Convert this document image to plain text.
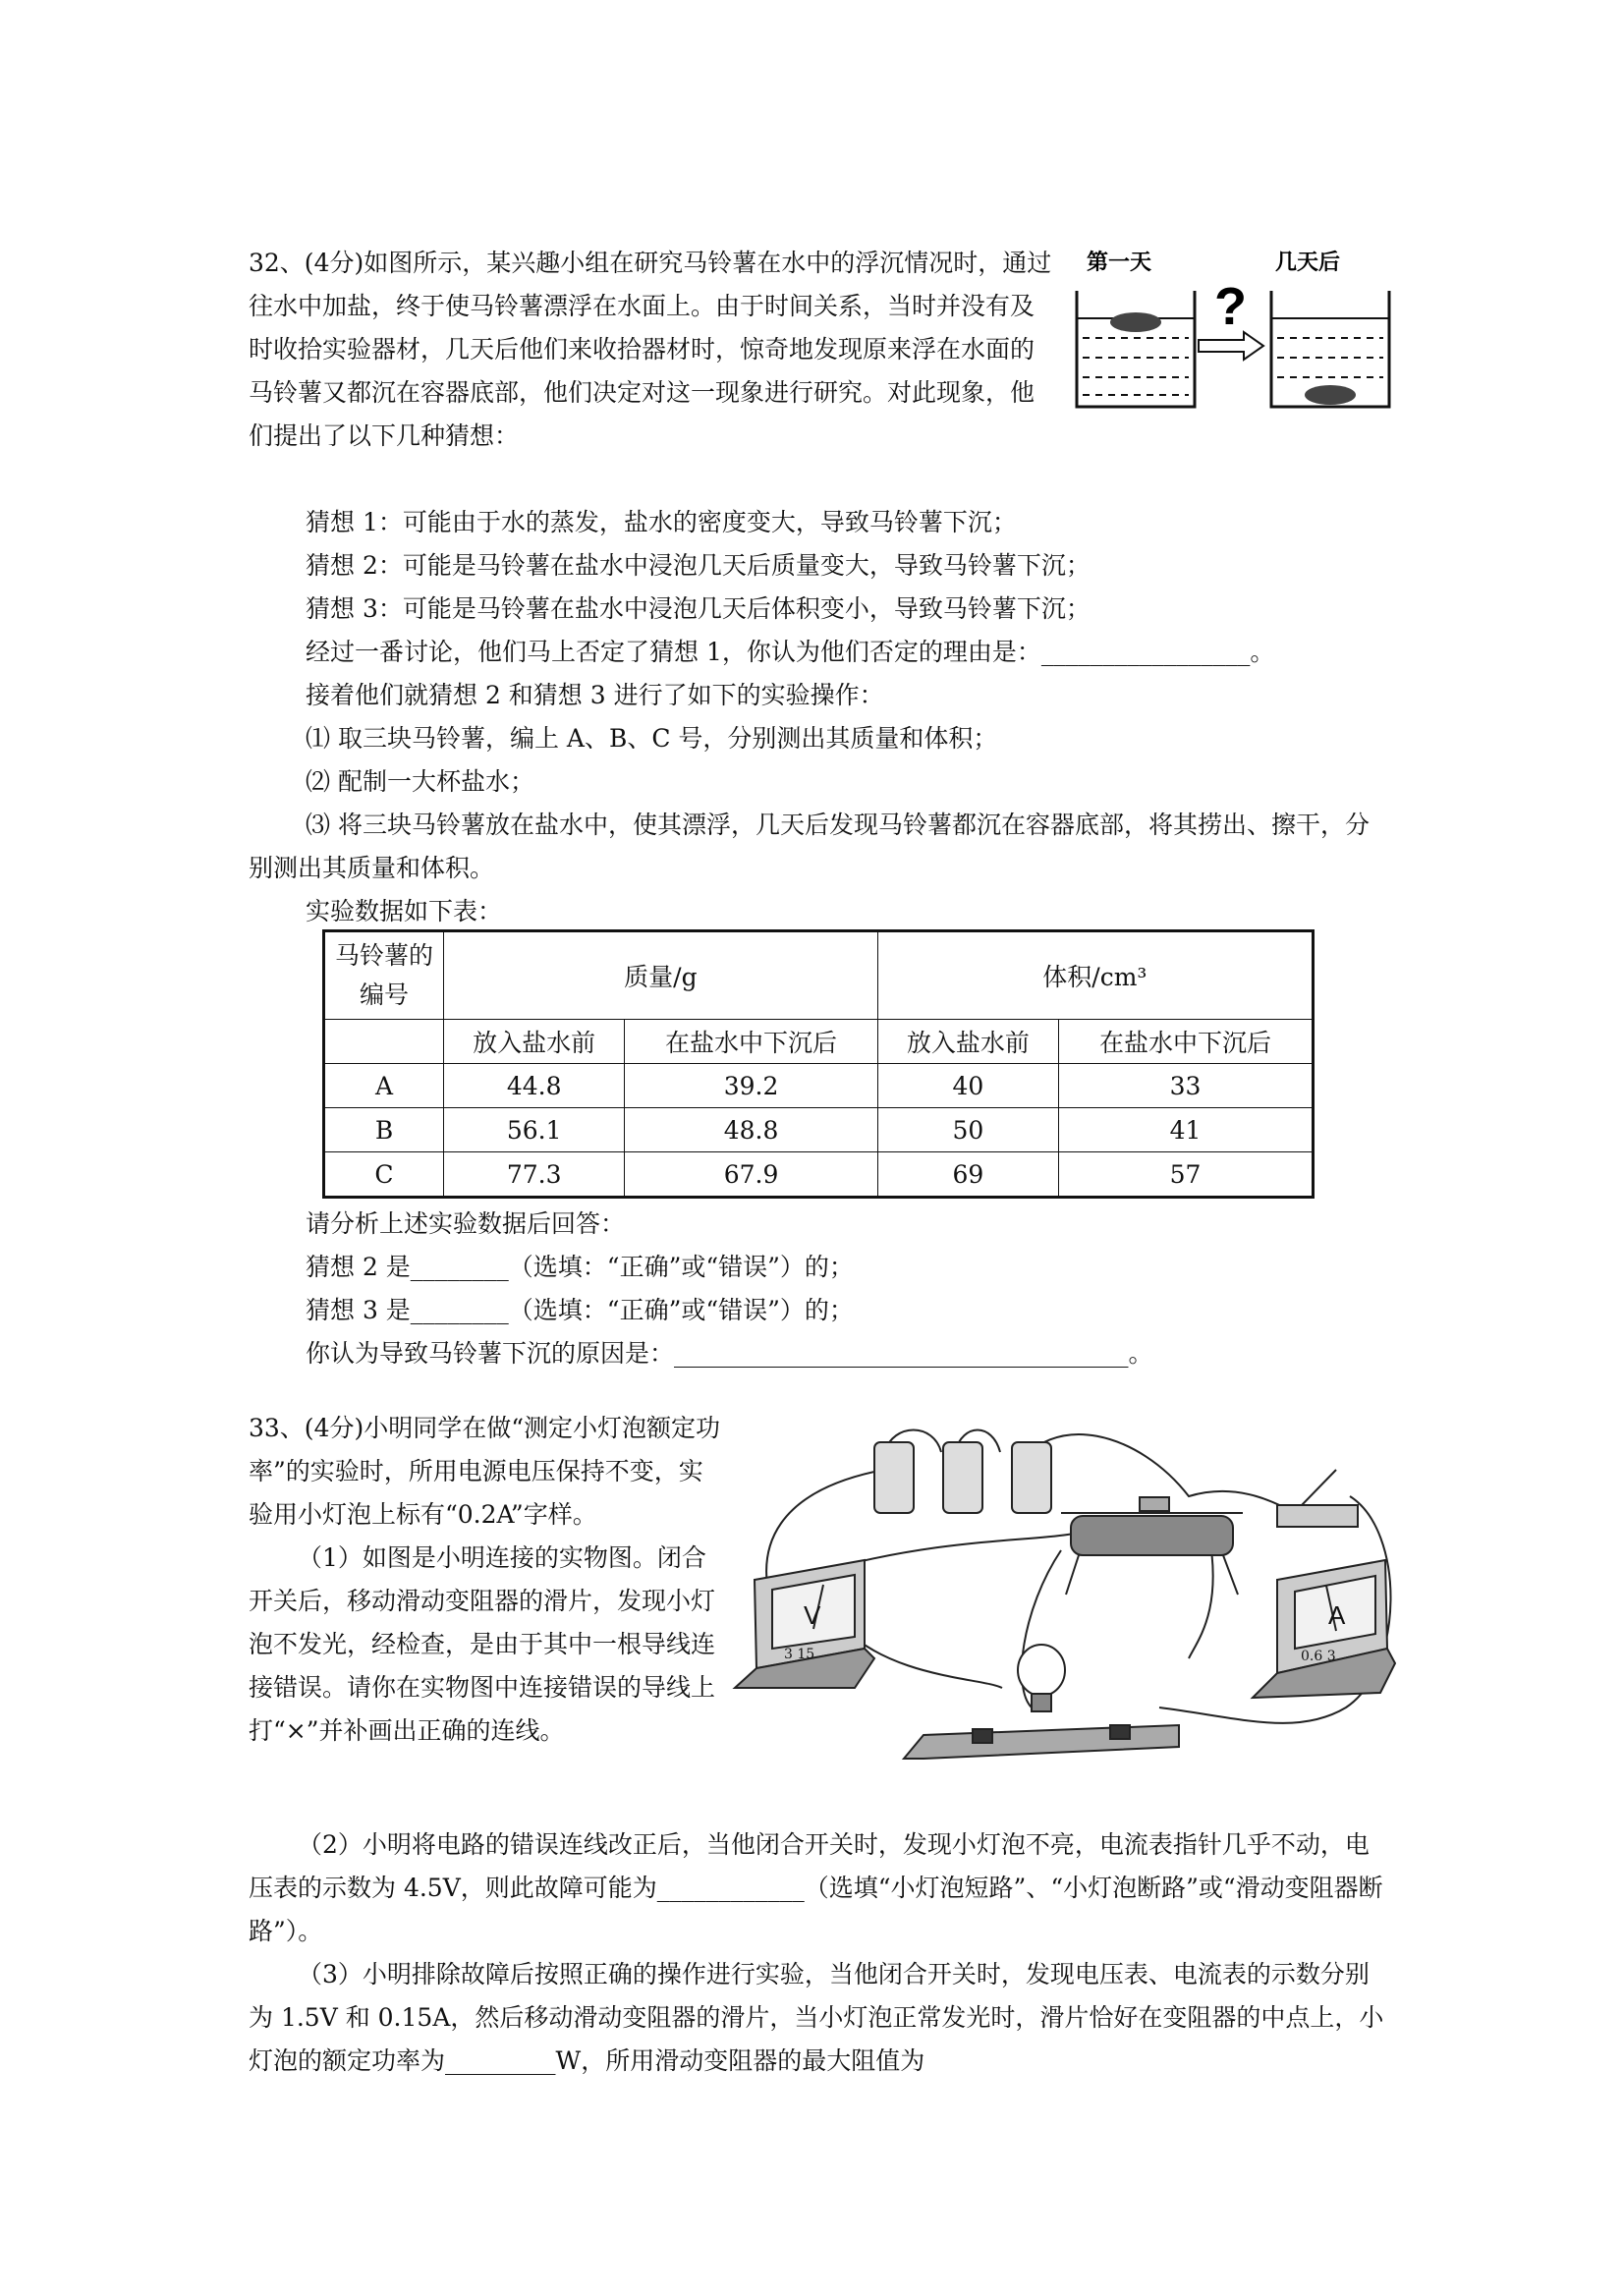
32、(4分)如图所示，某兴趣小组在研究马铃薯在水中的浮沉情况时，通过往水中加盐，终于使马铃薯漂浮在水面上。由于时间关系，当时并没有及时收拾实验器材，几天后他们来收拾器材时，惊奇地发现原来浮在水面的马铃薯又都沉在容器底部，他们决定对这一现象进行研究。对此现象，他们提出了以下几种猜想：
第一天	几天后
?

猜想 1：可能由于水的蒸发，盐水的密度变大，导致马铃薯下沉；

猜想 2：可能是马铃薯在盐水中浸泡几天后质量变大，导致马铃薯下沉；

猜想 3：可能是马铃薯在盐水中浸泡几天后体积变小，导致马铃薯下沉；

经过一番讨论，他们马上否定了猜想 1，你认为他们否定的理由是：_________________。

接着他们就猜想 2 和猜想 3 进行了如下的实验操作：

⑴ 取三块马铃薯，编上 A、B、C 号，分别测出其质量和体积；

⑵ 配制一大杯盐水；

⑶ 将三块马铃薯放在盐水中，使其漂浮，几天后发现马铃薯都沉在容器底部，将其捞出、擦干，分别测出其质量和体积。

实验数据如下表：

马铃薯的编号	质量/g		体积/cm³	

	放入盐水前	在盐水中下沉后	放入盐水前	在盐水中下沉后
A	44.8	39.2	40	33
B	56.1	48.8	50	41
C	77.3	67.9	69	57

请分析上述实验数据后回答：

猜想 2 是________（选填：“正确”或“错误”）的；

猜想 3 是________（选填：“正确”或“错误”）的；

你认为导致马铃薯下沉的原因是：_____________________________________。

33、(4分)小明同学在做“测定小灯泡额定功率”的实验时，所用电源电压保持不变，实验用小灯泡上标有“0.2A”字样。

（1）如图是小明连接的实物图。闭合开关后，移动滑动变阻器的滑片，发现小灯泡不发光，经检查，是由于其中一根导线连接错误。请你在实物图中连接错误的导线上打“×”并补画出正确的连线。

V
3 15
A
0.6 3

（2）小明将电路的错误连线改正后，当他闭合开关时，发现小灯泡不亮，电流表指针几乎不动，电压表的示数为 4.5V，则此故障可能为____________（选填“小灯泡短路”、“小灯泡断路”或“滑动变阻器断路”）。

（3）小明排除故障后按照正确的操作进行实验，当他闭合开关时，发现电压表、电流表的示数分别为 1.5V 和 0.15A，然后移动滑动变阻器的滑片，当小灯泡正常发光时，滑片恰好在变阻器的中点上，小灯泡的额定功率为_________W，所用滑动变阻器的最大阻值为
